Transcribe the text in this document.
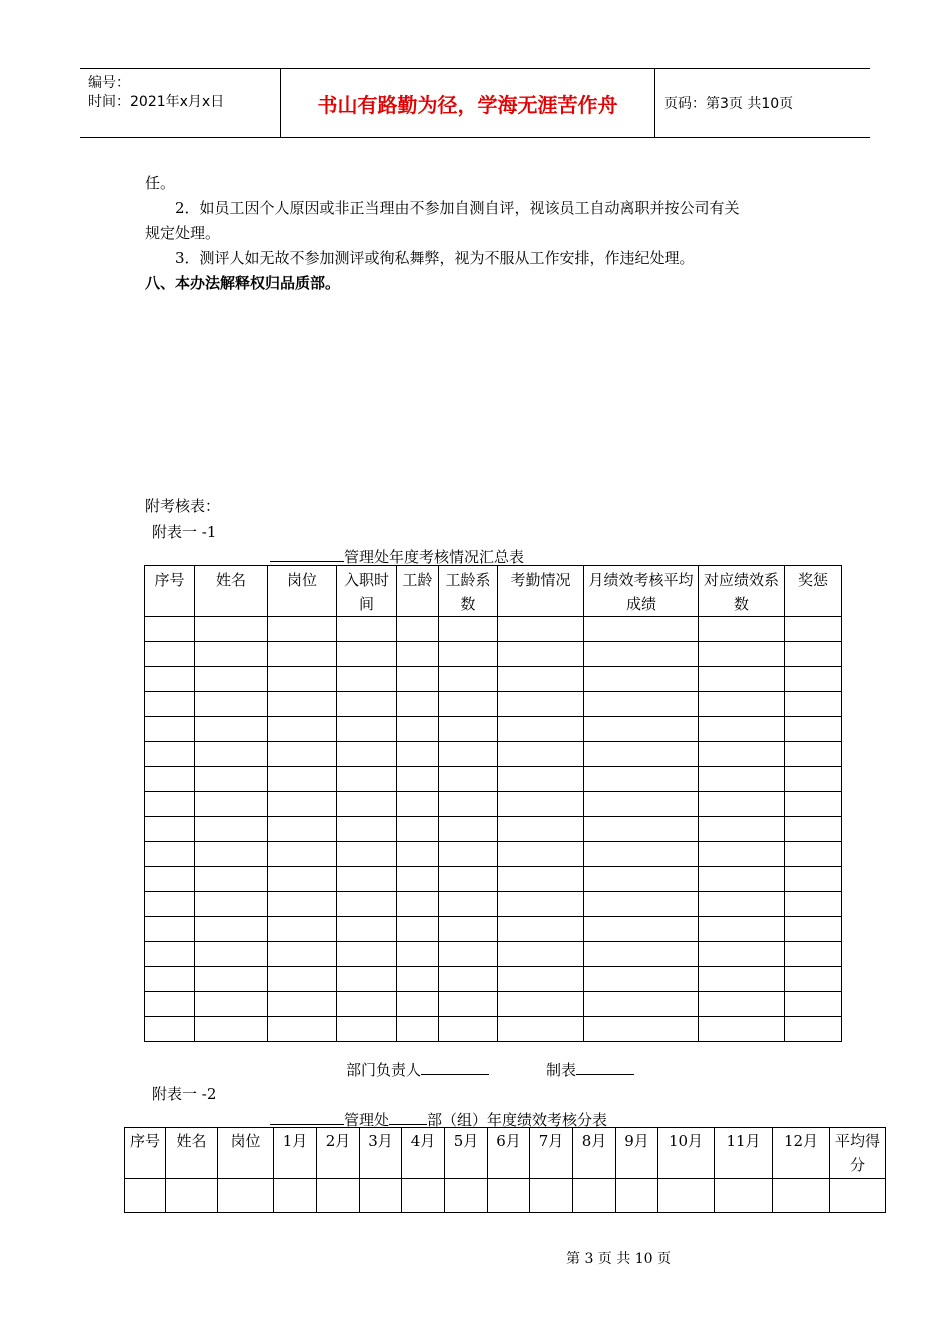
编号：
时间：2021年x月x日	书山有路勤为径，学海无涯苦作舟	页码：第3页 共10页
任。
2．如员工因个人原因或非正当理由不参加自测自评，视该员工自动离职并按公司有关
规定处理。
3．测评人如无故不参加测评或徇私舞弊，视为不服从工作安排，作违纪处理。
八、本办法解释权归品质部。
附考核表：
附表一 -1
管理处年度考核情况汇总表
序号	姓名	岗位	入职时间	工龄	工龄系数	考勤情况	月绩效考核平均成绩	对应绩效系数	奖惩

部门负责人	制表
附表一 -2
管理处	部（组）年度绩效考核分表
序号	姓名	岗位	1月	2月	3月	4月	5月	6月	7月	8月	9月	10月	11月	12月	平均得分

第 3 页 共 10 页
